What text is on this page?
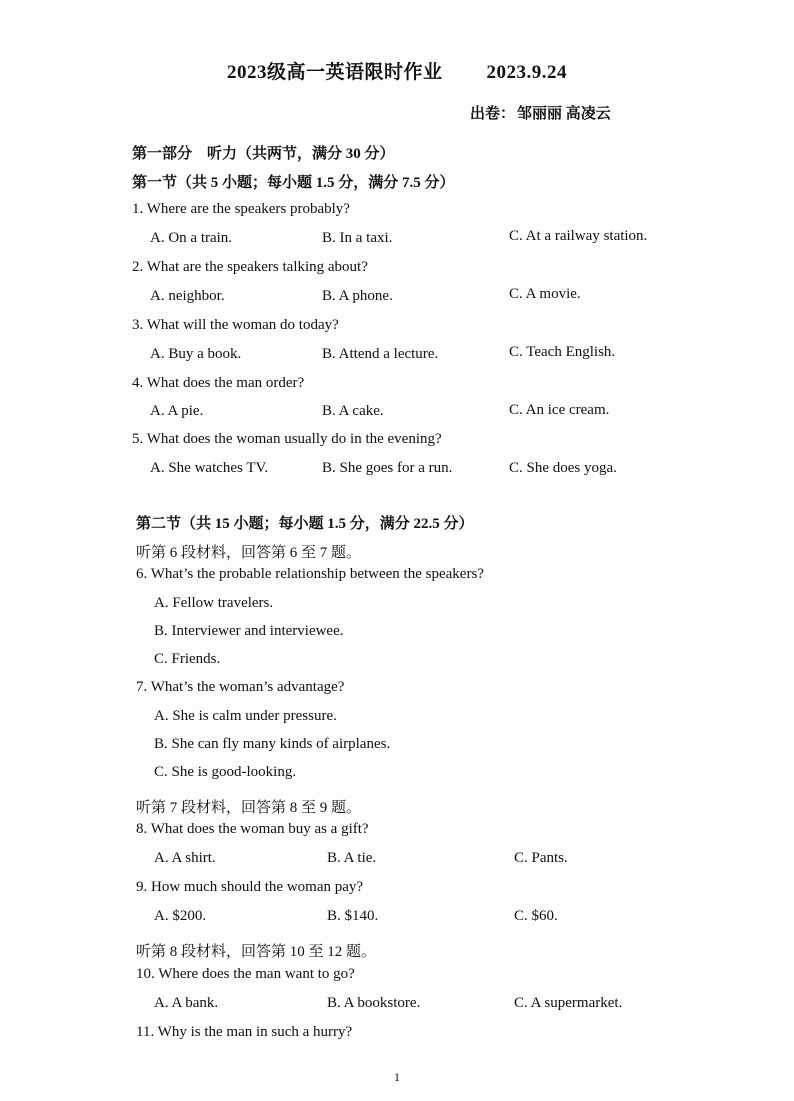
2023级高一英语限时作业 2023.9.24
出卷： 邹丽丽 高凌云
第一部分　听力（共两节，满分 30 分）
第一节（共 5 小题；每小题 1.5 分，满分 7.5 分）
1. Where are the speakers probably?
A. On a train.	B. In a taxi.	C. At a railway station.
2. What are the speakers talking about?
A. neighbor.	B. A phone.	C. A movie.
3. What will the woman do today?
A. Buy a book.	B. Attend a lecture.	C. Teach English.
4. What does the man order?
A. A pie.	B. A cake.	C. An ice cream.
5. What does the woman usually do in the evening?
A. She watches TV.	B. She goes for a run.	C. She does yoga.
第二节（共 15 小题；每小题 1.5 分，满分 22.5 分）
听第 6 段材料，回答第 6 至 7 题。
6. What’s the probable relationship between the speakers?
A. Fellow travelers.
B. Interviewer and interviewee.
C. Friends.
7. What’s the woman’s advantage?
A. She is calm under pressure.
B. She can fly many kinds of airplanes.
C. She is good-looking.
听第 7 段材料，回答第 8 至 9 题。
8. What does the woman buy as a gift?
A. A shirt.	B. A tie.	C. Pants.
9. How much should the woman pay?
A. $200.	B. $140.	C. $60.
听第 8 段材料，回答第 10 至 12 题。
10. Where does the man want to go?
A. A bank.	B. A bookstore.	C. A supermarket.
11. Why is the man in such a hurry?
1
